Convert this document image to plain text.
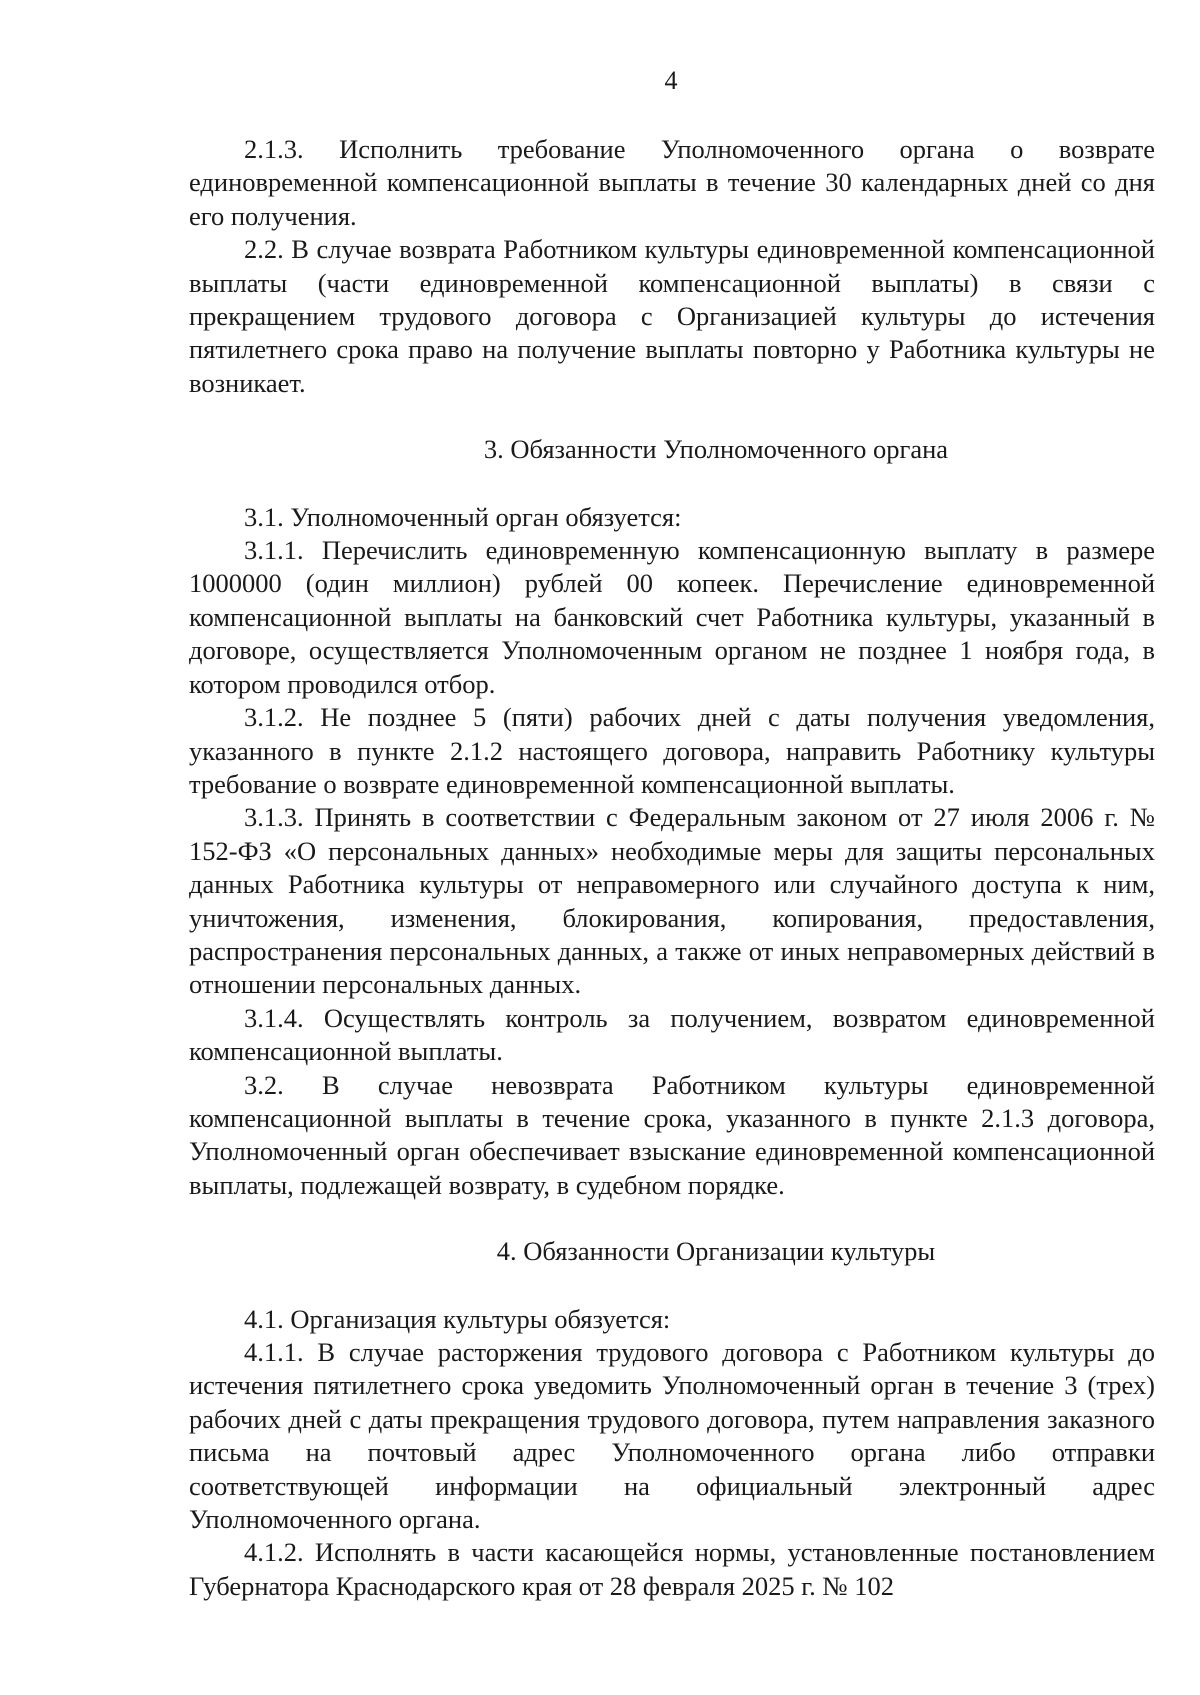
4

2.1.3. Исполнить требование Уполномоченного органа о возврате единовременной компенсационной выплаты в течение 30 календарных дней со дня его получения.

2.2. В случае возврата Работником культуры единовременной компенсационной выплаты (части единовременной компенсационной выплаты) в связи с прекращением трудового договора с Организацией культуры до истечения пятилетнего срока право на получение выплаты повторно у Работника культуры не возникает.

3. Обязанности Уполномоченного органа

3.1. Уполномоченный орган обязуется:

3.1.1. Перечислить единовременную компенсационную выплату в размере 1000000 (один миллион) рублей 00 копеек. Перечисление единовременной компенсационной выплаты на банковский счет Работника культуры, указанный в договоре, осуществляется Уполномоченным органом не позднее 1 ноября года, в котором проводился отбор.

3.1.2. Не позднее 5 (пяти) рабочих дней с даты получения уведомления, указанного в пункте 2.1.2 настоящего договора, направить Работнику культуры требование о возврате единовременной компенсационной выплаты.

3.1.3. Принять в соответствии с Федеральным законом от 27 июля 2006 г. № 152-ФЗ «О персональных данных» необходимые меры для защиты персональных данных Работника культуры от неправомерного или случайного доступа к ним, уничтожения, изменения, блокирования, копирования, предоставления, распространения персональных данных, а также от иных неправомерных действий в отношении персональных данных.

3.1.4. Осуществлять контроль за получением, возвратом единовременной компенсационной выплаты.

3.2. В случае невозврата Работником культуры единовременной компенсационной выплаты в течение срока, указанного в пункте 2.1.3 договора, Уполномоченный орган обеспечивает взыскание единовременной компенсационной выплаты, подлежащей возврату, в судебном порядке.

4. Обязанности Организации культуры

4.1. Организация культуры обязуется:

4.1.1. В случае расторжения трудового договора с Работником культуры до истечения пятилетнего срока уведомить Уполномоченный орган в течение 3 (трех) рабочих дней с даты прекращения трудового договора, путем направления заказного письма на почтовый адрес Уполномоченного органа либо отправки соответствующей информации на официальный электронный адрес Уполномоченного органа.

4.1.2. Исполнять в части касающейся нормы, установленные постановлением Губернатора Краснодарского края от 28 февраля 2025 г. № 102
